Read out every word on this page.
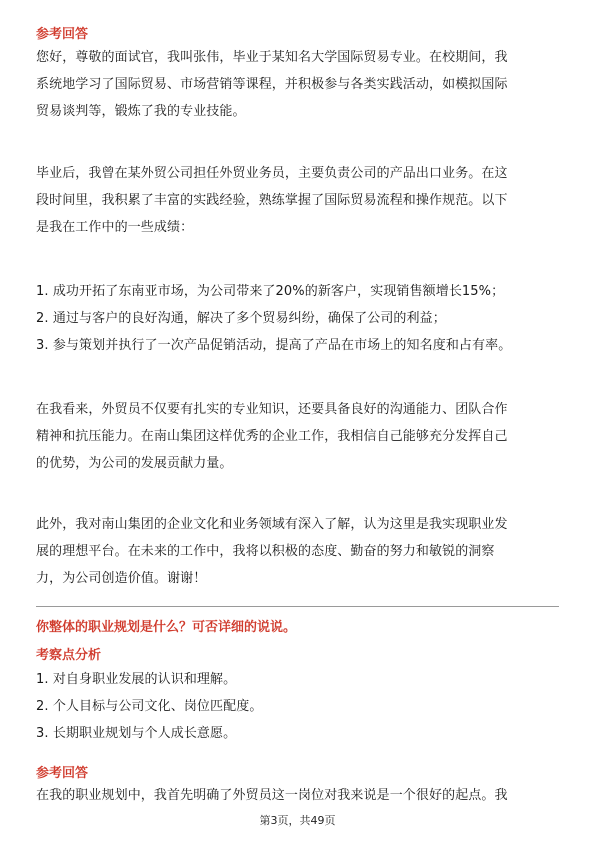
参考回答
您好，尊敬的面试官，我叫张伟，毕业于某知名大学国际贸易专业。在校期间，我
系统地学习了国际贸易、市场营销等课程，并积极参与各类实践活动，如模拟国际
贸易谈判等，锻炼了我的专业技能。
毕业后，我曾在某外贸公司担任外贸业务员，主要负责公司的产品出口业务。在这
段时间里，我积累了丰富的实践经验，熟练掌握了国际贸易流程和操作规范。以下
是我在工作中的一些成绩：
1. 成功开拓了东南亚市场，为公司带来了20%的新客户，实现销售额增长15%；
2. 通过与客户的良好沟通，解决了多个贸易纠纷，确保了公司的利益；
3. 参与策划并执行了一次产品促销活动，提高了产品在市场上的知名度和占有率。
在我看来，外贸员不仅要有扎实的专业知识，还要具备良好的沟通能力、团队合作
精神和抗压能力。在南山集团这样优秀的企业工作，我相信自己能够充分发挥自己
的优势，为公司的发展贡献力量。
此外，我对南山集团的企业文化和业务领域有深入了解，认为这里是我实现职业发
展的理想平台。在未来的工作中，我将以积极的态度、勤奋的努力和敏锐的洞察
力，为公司创造价值。谢谢！
你整体的职业规划是什么？可否详细的说说。
考察点分析
1. 对自身职业发展的认识和理解。
2. 个人目标与公司文化、岗位匹配度。
3. 长期职业规划与个人成长意愿。
参考回答
在我的职业规划中，我首先明确了外贸员这一岗位对我来说是一个很好的起点。我
第3页，共49页
